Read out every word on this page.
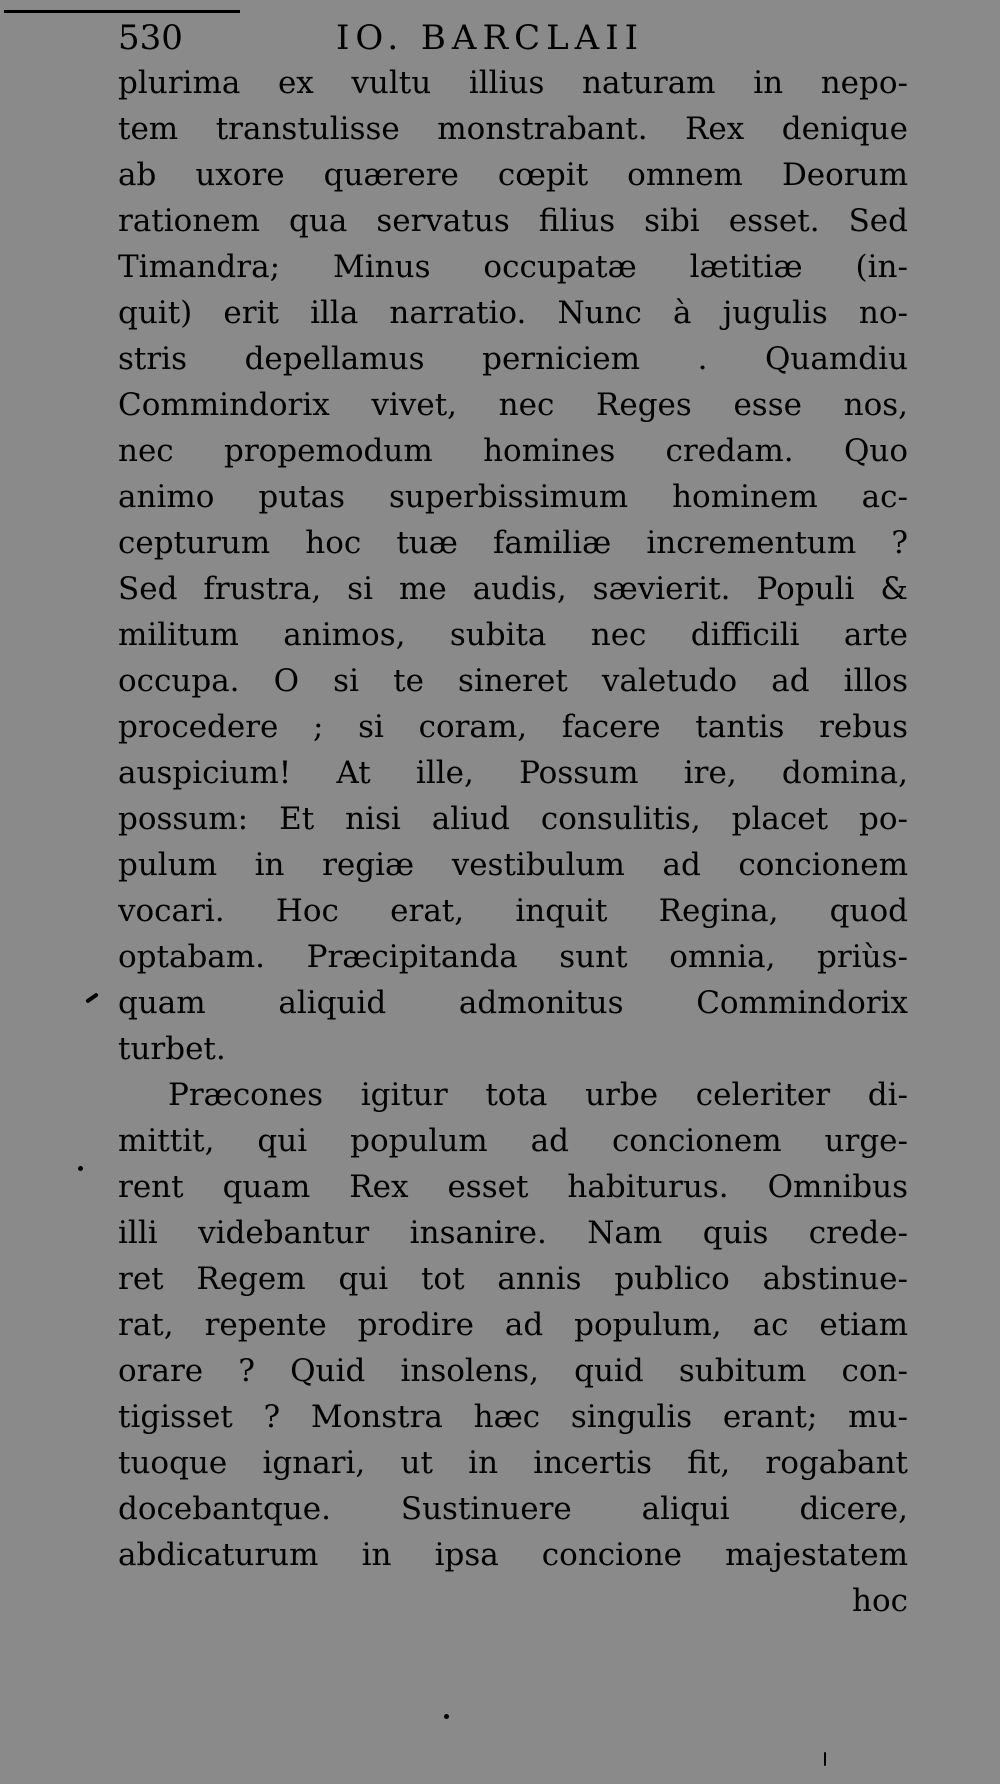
530	IO. BARCLAII
plurima ex vultu illius naturam in nepo-
tem transtulisse monstrabant. Rex denique
ab uxore quærere cœpit omnem Deorum
rationem qua servatus filius sibi esset. Sed
Timandra; Minus occupatæ lætitiæ (in-
quit) erit illa narratio. Nunc à jugulis no-
stris depellamus perniciem . Quamdiu
Commindorix vivet, nec Reges esse nos,
nec propemodum homines credam. Quo
animo putas superbissimum hominem ac-
cepturum hoc tuæ familiæ incrementum ?
Sed frustra, si me audis, sævierit. Populi &
militum animos, subita nec difficili arte
occupa. O si te sineret valetudo ad illos
procedere ; si coram, facere tantis rebus
auspicium! At ille, Possum ire, domina,
possum: Et nisi aliud consulitis, placet po-
pulum in regiæ vestibulum ad concionem
vocari. Hoc erat, inquit Regina, quod
optabam. Præcipitanda sunt omnia, priùs-
quam aliquid admonitus Commindorix
turbet.
Præcones igitur tota urbe celeriter di-
mittit, qui populum ad concionem urge-
rent quam Rex esset habiturus. Omnibus
illi videbantur insanire. Nam quis crede-
ret Regem qui tot annis publico abstinue-
rat, repente prodire ad populum, ac etiam
orare ? Quid insolens, quid subitum con-
tigisset ? Monstra hæc singulis erant; mu-
tuoque ignari, ut in incertis fit, rogabant
docebantque. Sustinuere aliqui dicere,
abdicaturum in ipsa concione majestatem
hoc
